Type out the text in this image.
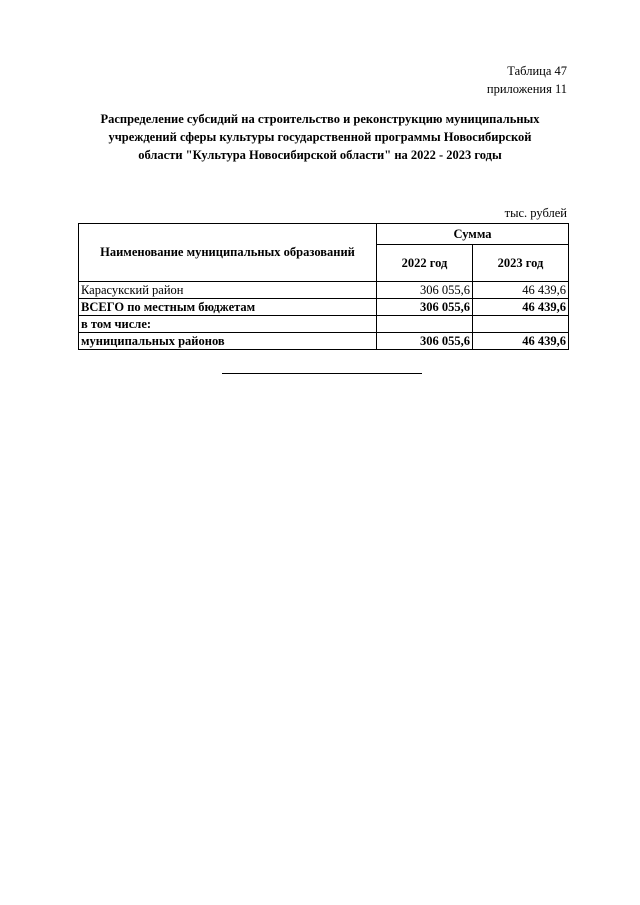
Таблица 47
приложения 11
Распределение субсидий на строительство и реконструкцию муниципальных
учреждений сферы культуры государственной программы Новосибирской
области "Культура Новосибирской области" на 2022 - 2023 годы
тыс. рублей
Наименование муниципальных образований	Сумма	
	2022 год	2023 год
Карасукский район	306 055,6	46 439,6
ВСЕГО по местным бюджетам	306 055,6	46 439,6
в том числе:		
муниципальных районов	306 055,6	46 439,6
